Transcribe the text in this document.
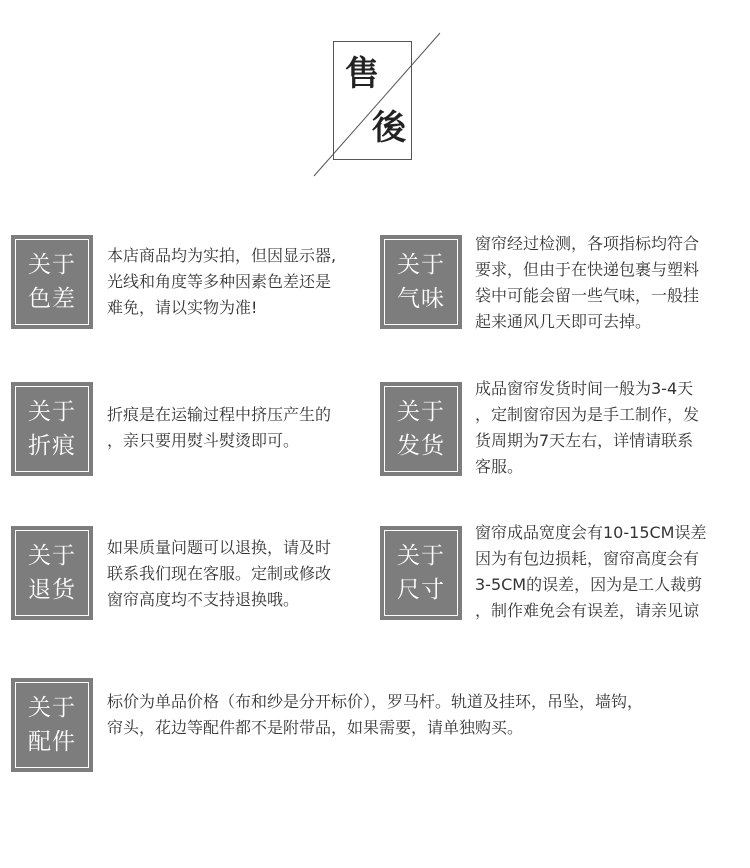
售
後
关于
色差
本店商品均为实拍，但因显示器,
光线和角度等多种因素色差还是
难免，请以实物为准!
关于
气味
窗帘经过检测，各项指标均符合
要求，但由于在快递包裹与塑料
袋中可能会留一些气味，一般挂
起来通风几天即可去掉。
关于
折痕
折痕是在运输过程中挤压产生的
，亲只要用熨斗熨烫即可。
关于
发货
成品窗帘发货时间一般为3-4天
，定制窗帘因为是手工制作，发
货周期为7天左右，详情请联系
客服。
关于
退货
如果质量问题可以退换，请及时
联系我们现在客服。定制或修改
窗帘高度均不支持退换哦。
关于
尺寸
窗帘成品宽度会有10-15CM误差
因为有包边损耗，窗帘高度会有
3-5CM的误差，因为是工人裁剪
，制作难免会有误差，请亲见谅
关于
配件
标价为单品价格（布和纱是分开标价），罗马杆。轨道及挂环，吊坠，墙钩，
帘头，花边等配件都不是附带品，如果需要，请单独购买。
